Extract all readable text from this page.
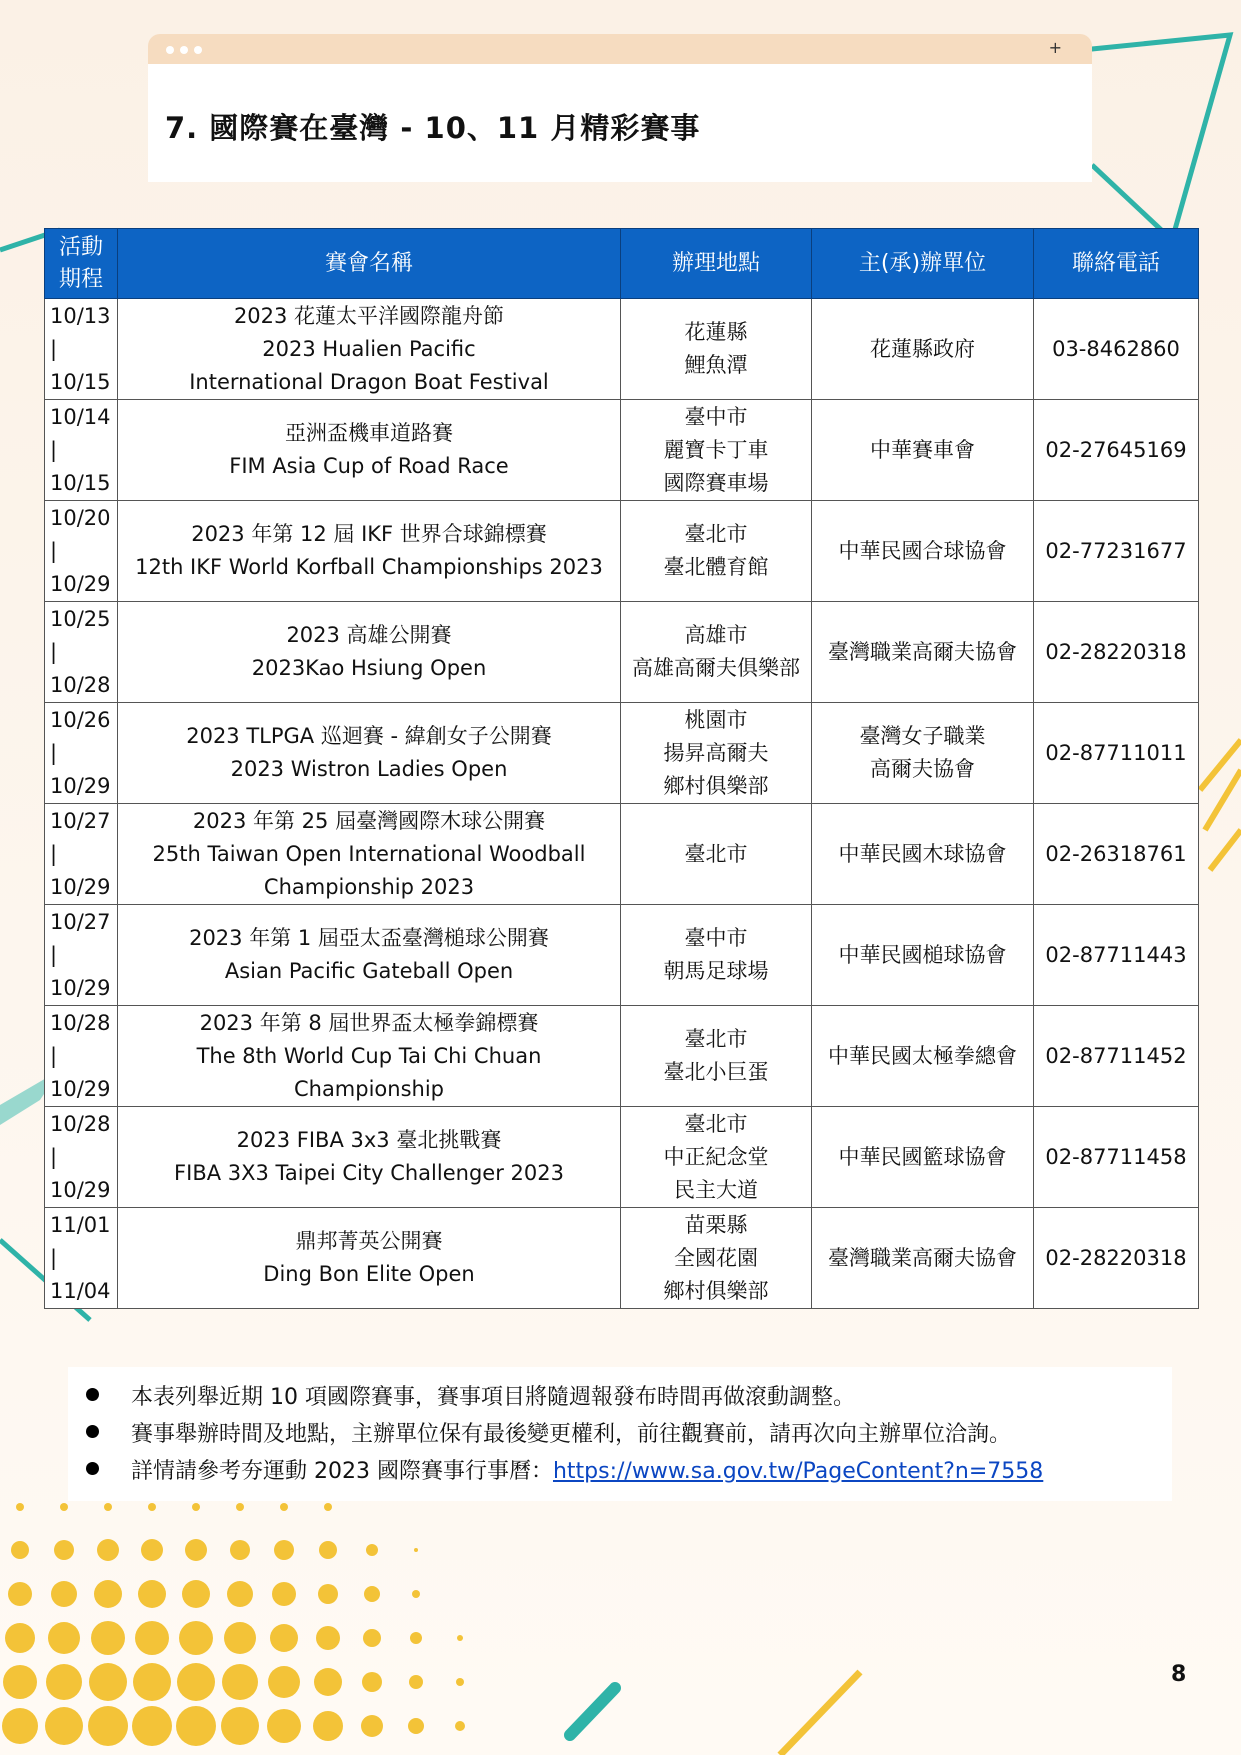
+
7. 國際賽在臺灣 - 10、11 月精彩賽事
活動
期程	賽會名稱	辦理地點	主(承)辦單位	聯絡電話

10/13
|
10/15	2023 花蓮太平洋國際龍舟節
2023 Hualien Pacific
International Dragon Boat Festival	花蓮縣
鯉魚潭	花蓮縣政府	03-8462860

10/14
|
10/15	亞洲盃機車道路賽
FIM Asia Cup of Road Race	臺中市
麗寶卡丁車
國際賽車場	中華賽車會	02-27645169

10/20
|
10/29	2023 年第 12 屆 IKF 世界合球錦標賽
12th IKF World Korfball Championships 2023	臺北市
臺北體育館	中華民國合球協會	02-77231677

10/25
|
10/28	2023 高雄公開賽
2023Kao Hsiung Open	高雄市
高雄高爾夫俱樂部	臺灣職業高爾夫協會	02-28220318

10/26
|
10/29	2023 TLPGA 巡迴賽 - 緯創女子公開賽
2023 Wistron Ladies Open	桃園市
揚昇高爾夫
鄉村俱樂部	臺灣女子職業
高爾夫協會	02-87711011

10/27
|
10/29	2023 年第 25 屆臺灣國際木球公開賽
25th Taiwan Open International Woodball
Championship 2023	臺北市	中華民國木球協會	02-26318761

10/27
|
10/29	2023 年第 1 屆亞太盃臺灣槌球公開賽
Asian Pacific Gateball Open	臺中市
朝馬足球場	中華民國槌球協會	02-87711443

10/28
|
10/29	2023 年第 8 屆世界盃太極拳錦標賽
The 8th World Cup Tai Chi Chuan
Championship	臺北市
臺北小巨蛋	中華民國太極拳總會	02-87711452

10/28
|
10/29	2023 FIBA 3x3 臺北挑戰賽
FIBA 3X3 Taipei City Challenger 2023	臺北市
中正紀念堂
民主大道	中華民國籃球協會	02-87711458

11/01
|
11/04	鼎邦菁英公開賽
Ding Bon Elite Open	苗栗縣
全國花園
鄉村俱樂部	臺灣職業高爾夫協會	02-28220318
本表列舉近期 10 項國際賽事，賽事項目將隨週報發布時間再做滾動調整。
賽事舉辦時間及地點，主辦單位保有最後變更權利，前往觀賽前，請再次向主辦單位洽詢。
詳情請參考夯運動 2023 國際賽事行事曆：https://www.sa.gov.tw/PageContent?n=7558
8
